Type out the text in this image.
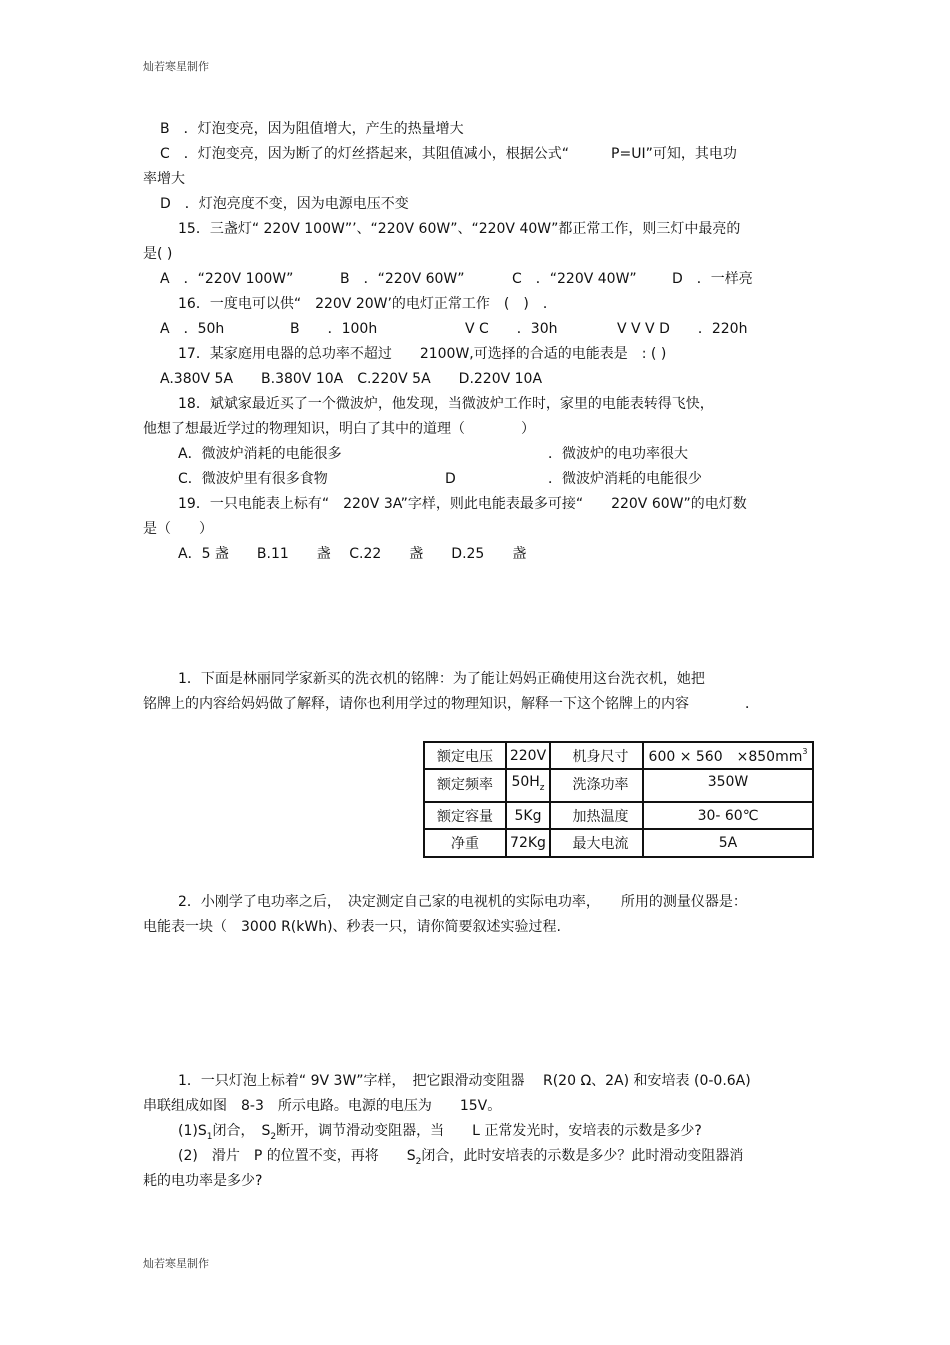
灿若寒星制作
B　．灯泡变亮，因为阻值增大，产生的热量增大
C　．灯泡变亮，因为断了的灯丝搭起来，其阻值减小，根据公式“　　　P=UI”可知，其电功
率增大
D　．灯泡亮度不变，因为电源电压不变
15．三盏灯“ 220V 100W”’、“220V 60W”、“220V 40W”都正常工作，则三灯中最亮的
是( )
A　．“220V 100W”	B　．“220V 60W”	C　．“220V 40W”	D　．一样亮
16．一度电可以供“　220V 20W’的电灯正常工作　(　)　．
A　．50h	B　　．100h	V C　　．30h	V V V D　　．220h
17．某家庭用电器的总功率不超过　　2100W,可选择的合适的电能表是　: ( )
A.380V 5A　　B.380V 10A　C.220V 5A　　D.220V 10A
18．斌斌家最近买了一个微波炉，他发现，当微波炉工作时，家里的电能表转得飞快，
他想了想最近学过的物理知识，明白了其中的道理（　　　　）
A．微波炉消耗的电能很多	．微波炉的电功率很大
C．微波炉里有很多食物	D	．微波炉消耗的电能很少
19．一只电能表上标有“　220V 3A”字样，则此电能表最多可接“　　220V 60W”的电灯数
是（　　）
A．5 盏　　B.11　　盏　 C.22　　盏　　D.25　　盏
1．下面是林丽同学家新买的洗衣机的铭牌：为了能让妈妈正确使用这台洗衣机，她把
铭牌上的内容给妈妈做了解释，请你也利用学过的物理知识，解释一下这个铭牌上的内容　　　　．
额定电压	220V	机身尺寸	600 × 560　$\times 850mm^3$
额定频率	$50H_z$	洗涤功率	350W
额定容量	5Kg	加热温度	30- 60℃
净重	72Kg	最大电流	5A
2．小刚学了电功率之后，　决定测定自己家的电视机的实际电功率，　　所用的测量仪器是：
电能表一块（　3000 R(kWh)、秒表一只，请你简要叙述实验过程.
1．一只灯泡上标着“ 9V 3W”字样，　把它跟滑动变阻器　 R(20 Ω、2A) 和安培表 (0-0.6A)
串联组成如图　8-3　所示电路。电源的电压为　　15V。
$(1)S_1$闭合，　$S_2$断开，调节滑动变阻器，当　　L 正常发光时，安培表的示数是多少?
(2)　滑片　P 的位置不变，再将　　$S_2$闭合，此时安培表的示数是多少？此时滑动变阻器消
耗的电功率是多少?
灿若寒星制作
